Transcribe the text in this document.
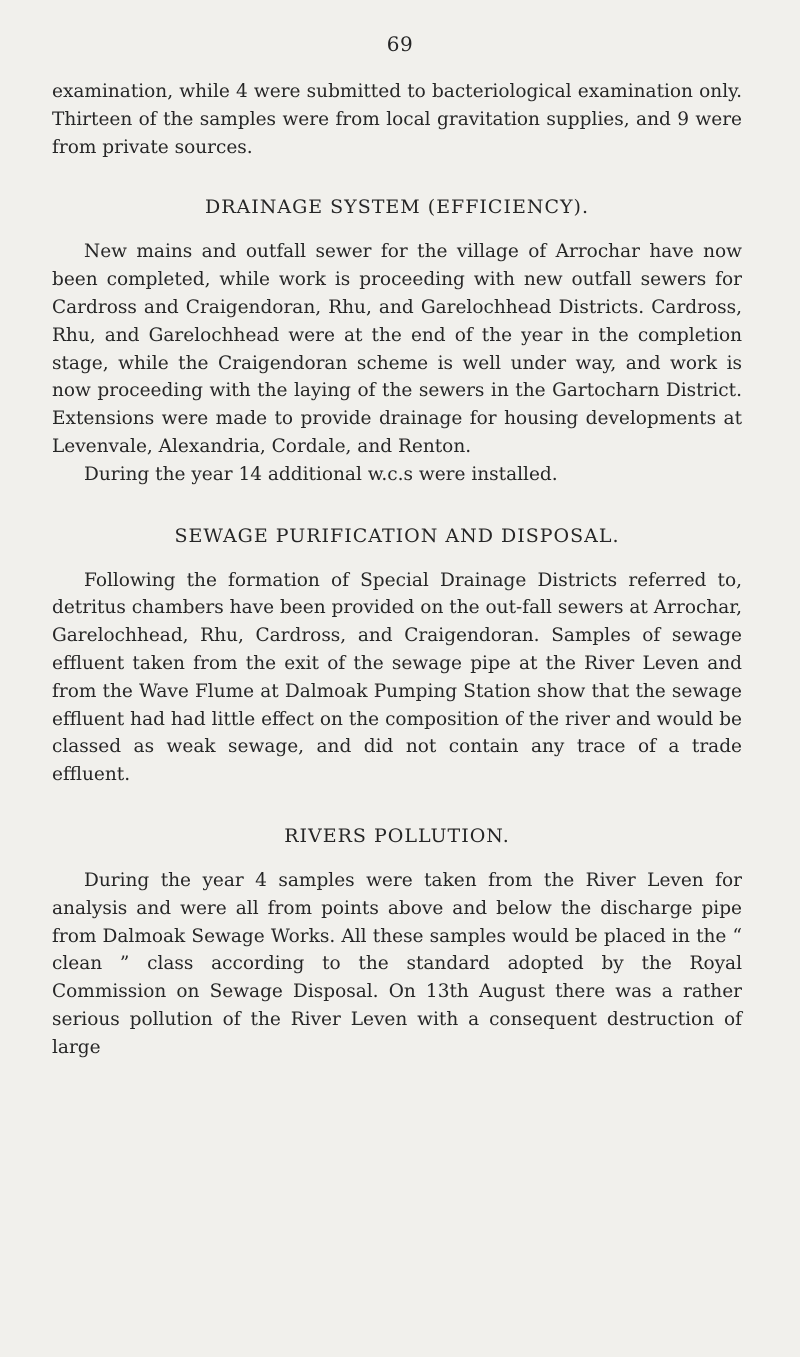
69

examination, while 4 were submitted to bacteriological examination only. Thirteen of the samples were from local gravitation supplies, and 9 were from private sources.

DRAINAGE SYSTEM (EFFICIENCY).

New mains and outfall sewer for the village of Arrochar have now been completed, while work is proceeding with new outfall sewers for Cardross and Craigendoran, Rhu, and Garelochhead Districts. Cardross, Rhu, and Garelochhead were at the end of the year in the completion stage, while the Craigendoran scheme is well under way, and work is now proceeding with the laying of the sewers in the Gartocharn District. Extensions were made to provide drainage for housing developments at Levenvale, Alexandria, Cordale, and Renton.

During the year 14 additional w.c.s were installed.

SEWAGE PURIFICATION AND DISPOSAL.

Following the formation of Special Drainage Districts referred to, detritus chambers have been provided on the out-fall sewers at Arrochar, Garelochhead, Rhu, Cardross, and Craigendoran. Samples of sewage effluent taken from the exit of the sewage pipe at the River Leven and from the Wave Flume at Dalmoak Pumping Station show that the sewage effluent had had little effect on the composition of the river and would be classed as weak sewage, and did not contain any trace of a trade effluent.

RIVERS POLLUTION.

During the year 4 samples were taken from the River Leven for analysis and were all from points above and below the discharge pipe from Dalmoak Sewage Works. All these samples would be placed in the “ clean ” class according to the standard adopted by the Royal Commission on Sewage Disposal. On 13th August there was a rather serious pollution of the River Leven with a consequent destruction of large
